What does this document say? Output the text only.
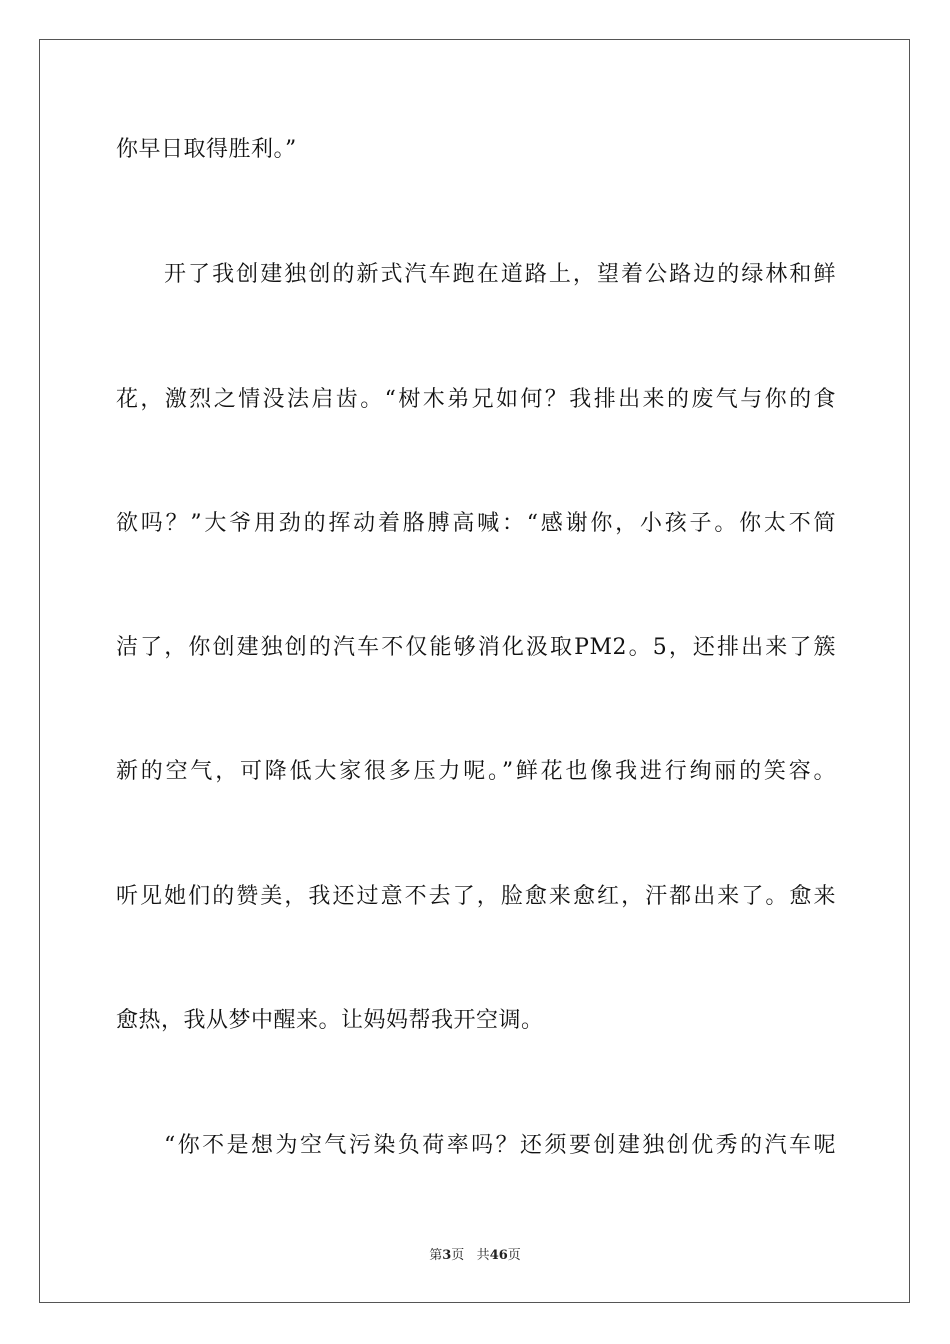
你早日取得胜利。”
开了我创建独创的新式汽车跑在道路上，望着公路边的绿林和鲜
花，激烈之情没法启齿。“树木弟兄如何？我排出来的废气与你的食
欲吗？”大爷用劲的挥动着胳膊高喊：“感谢你，小孩子。你太不简
洁了，你创建独创的汽车不仅能够消化汲取PM2。5，还排出来了簇
新的空气，可降低大家很多压力呢。”鲜花也像我进行绚丽的笑容。
听见她们的赞美，我还过意不去了，脸愈来愈红，汗都出来了。愈来
愈热，我从梦中醒来。让妈妈帮我开空调。
“你不是想为空气污染负荷率吗？还须要创建独创优秀的汽车呢
第3页 共46页
